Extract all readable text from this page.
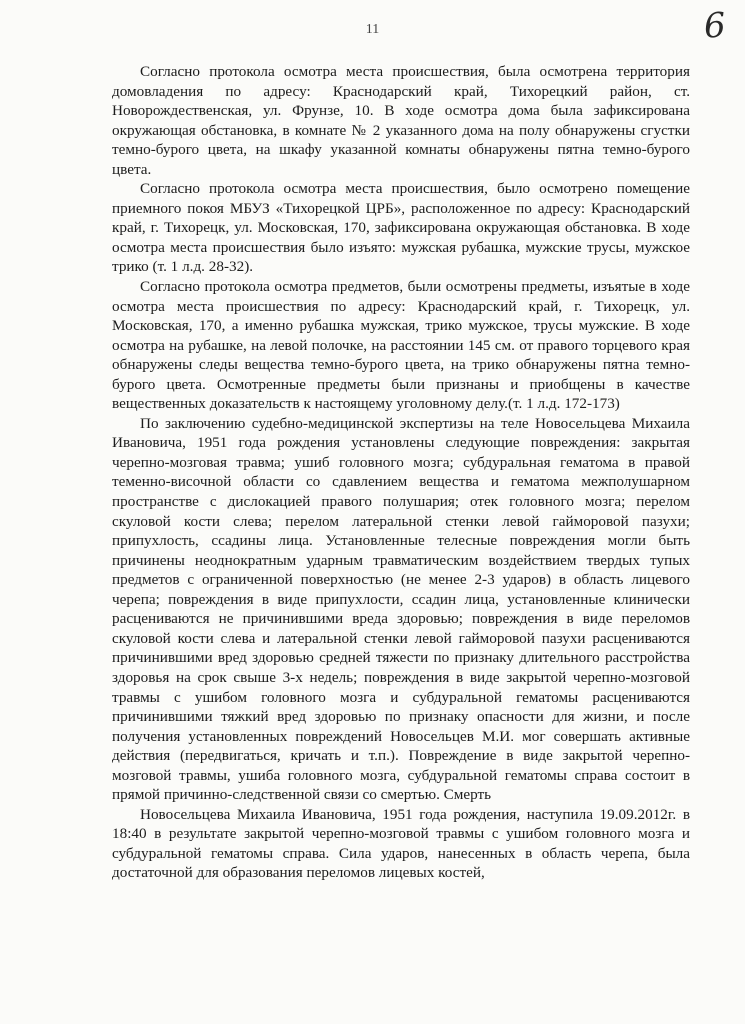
11	6

Согласно протокола осмотра места происшествия, была осмотрена территория домовладения по адресу: Краснодарский край, Тихорецкий район, ст. Новорождественская, ул. Фрунзе, 10. В ходе осмотра дома была зафиксирована окружающая обстановка, в комнате № 2 указанного дома на полу обнаружены сгустки темно-бурого цвета, на шкафу указанной комнаты обнаружены пятна темно-бурого цвета.

Согласно протокола осмотра места происшествия, было осмотрено помещение приемного покоя МБУЗ «Тихорецкой ЦРБ», расположенное по адресу: Краснодарский край, г. Тихорецк, ул. Московская, 170, зафиксирована окружающая обстановка. В ходе осмотра места происшествия было изъято: мужская рубашка, мужские трусы, мужское трико (т. 1 л.д. 28-32).

Согласно протокола осмотра предметов, были осмотрены предметы, изъятые в ходе осмотра места происшествия по адресу: Краснодарский край, г. Тихорецк, ул. Московская, 170, а именно рубашка мужская, трико мужское, трусы мужские. В ходе осмотра на рубашке, на левой полочке, на расстоянии 145 см. от правого торцевого края обнаружены следы вещества темно-бурого цвета, на трико обнаружены пятна темно-бурого цвета. Осмотренные предметы были признаны и приобщены в качестве вещественных доказательств к настоящему уголовному делу.(т. 1 л.д. 172-173)

По заключению судебно-медицинской экспертизы на теле Новосельцева Михаила Ивановича, 1951 года рождения установлены следующие повреждения: закрытая черепно-мозговая травма; ушиб головного мозга; субдуральная гематома в правой теменно-височной области со сдавлением вещества и гематома межполушарном пространстве с дислокацией правого полушария; отек головного мозга; перелом скуловой кости слева; перелом латеральной стенки левой гайморовой пазухи; припухлость, ссадины лица. Установленные телесные повреждения могли быть причинены неоднократным ударным травматическим воздействием твердых тупых предметов с ограниченной поверхностью (не менее 2-3 ударов) в область лицевого черепа; повреждения в виде припухлости, ссадин лица, установленные клинически расцениваются не причинившими вреда здоровью; повреждения в виде переломов скуловой кости слева и латеральной стенки левой гайморовой пазухи расцениваются причинившими вред здоровью средней тяжести по признаку длительного расстройства здоровья на срок свыше 3-х недель; повреждения в виде закрытой черепно-мозговой травмы с ушибом головного мозга и субдуральной гематомы расцениваются причинившими тяжкий вред здоровью по признаку опасности для жизни, и после получения установленных повреждений Новосельцев М.И. мог совершать активные действия (передвигаться, кричать и т.п.). Повреждение в виде закрытой черепно-мозговой травмы, ушиба головного мозга, субдуральной гематомы справа состоит в прямой причинно-следственной связи со смертью. Смерть

Новосельцева Михаила Ивановича, 1951 года рождения, наступила 19.09.2012г. в 18:40 в результате закрытой черепно-мозговой травмы с ушибом головного мозга и субдуральной гематомы справа. Сила ударов, нанесенных в область черепа, была достаточной для образования переломов лицевых костей,
